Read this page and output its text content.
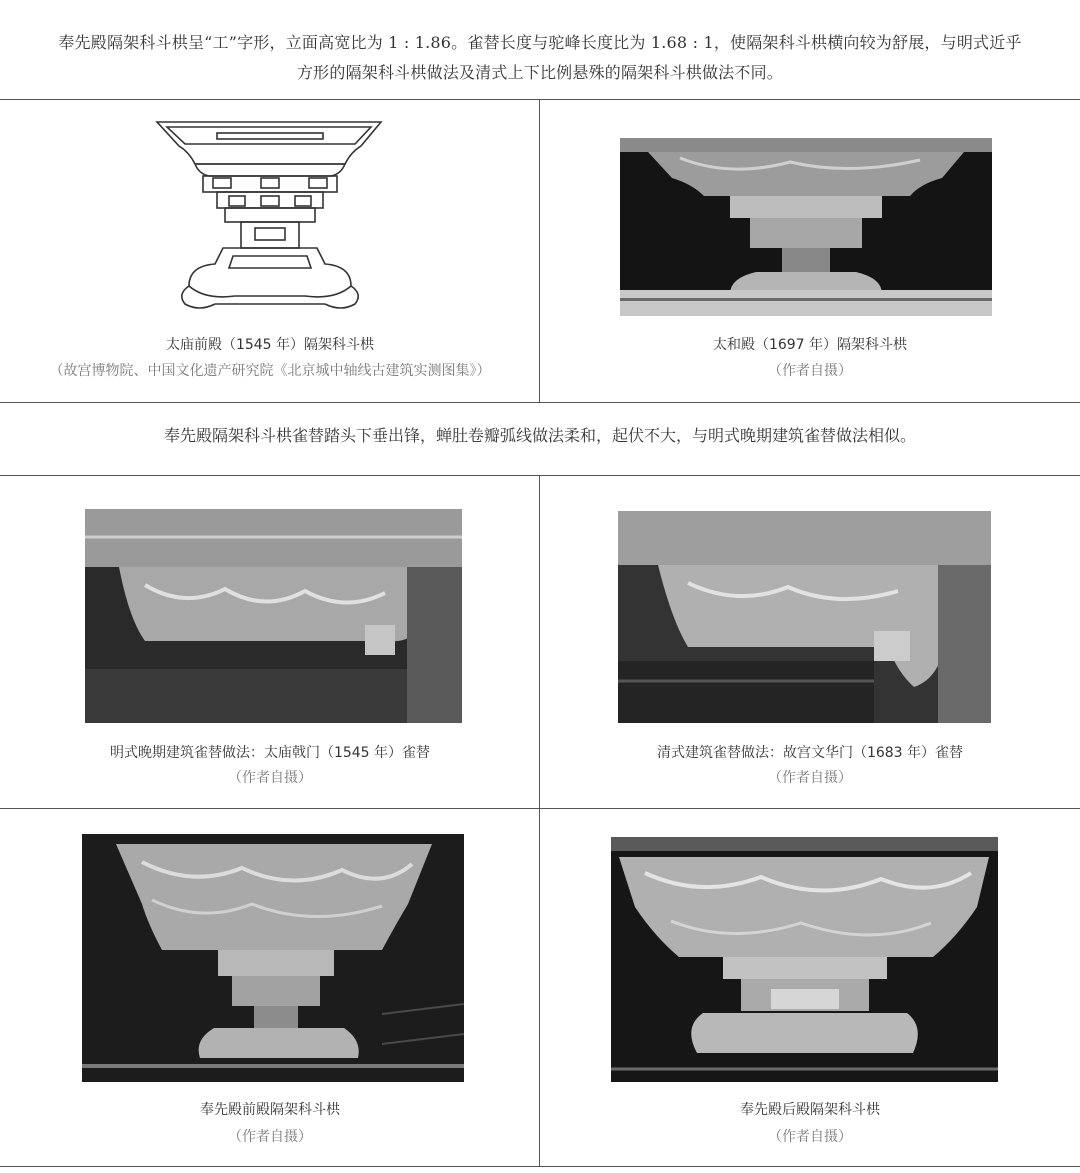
奉先殿隔架科斗栱呈“工”字形，立面高宽比为 1 : 1.86。雀替长度与驼峰长度比为 1.68 : 1，使隔架科斗栱横向较为舒展，与明式近乎
方形的隔架科斗栱做法及清式上下比例悬殊的隔架科斗栱做法不同。
太庙前殿（1545 年）隔架科斗栱
（故宫博物院、中国文化遗产研究院《北京城中轴线古建筑实测图集》）
太和殿（1697 年）隔架科斗栱
（作者自摄）
奉先殿隔架科斗栱雀替踏头下垂出锋，蝉肚卷瓣弧线做法柔和，起伏不大，与明式晚期建筑雀替做法相似。
明式晚期建筑雀替做法：太庙戟门（1545 年）雀替
（作者自摄）
清式建筑雀替做法：故宫文华门（1683 年）雀替
（作者自摄）
奉先殿前殿隔架科斗栱
（作者自摄）
奉先殿后殿隔架科斗栱
（作者自摄）
